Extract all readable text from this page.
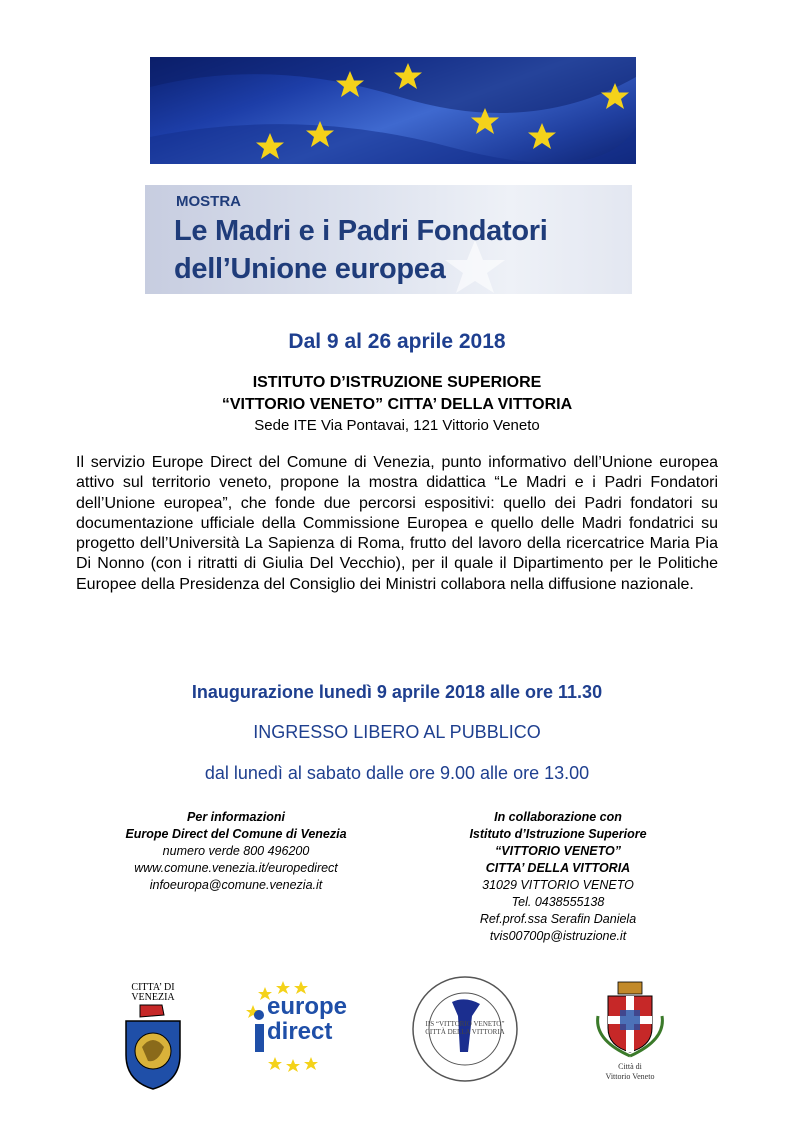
MOSTRA
Le Madri e i Padri Fondatori
dell’Unione europea
Dal 9 al 26 aprile 2018
ISTITUTO D’ISTRUZIONE SUPERIORE
“VITTORIO VENETO” CITTA’ DELLA VITTORIA
Sede ITE Via Pontavai, 121 Vittorio Veneto
Il servizio Europe Direct del Comune di Venezia, punto informativo dell’Unione europea attivo sul territorio veneto, propone la mostra didattica “Le Madri e i Padri Fondatori dell’Unione europea”, che fonde due percorsi espositivi: quello dei Padri fondatori su documentazione ufficiale della Commissione Europea e quello delle Madri fondatrici su progetto dell’Università La Sapienza di Roma, frutto del lavoro della ricercatrice Maria Pia Di Nonno (con i ritratti di Giulia Del Vecchio), per il quale il Dipartimento per le Politiche Europee della Presidenza del Consiglio dei Ministri collabora nella diffusione nazionale.
Inaugurazione lunedì 9 aprile 2018 alle ore 11.30
INGRESSO LIBERO AL PUBBLICO
dal lunedì al sabato dalle ore 9.00 alle ore 13.00
Per informazioni
Europe Direct del Comune di Venezia
numero verde 800 496200
www.comune.venezia.it/europedirect
infoeuropa@comune.venezia.it
In collaborazione con
Istituto d’Istruzione Superiore
“VITTORIO VENETO”
CITTA’ DELLA VITTORIA
31029 VITTORIO VENETO
Tel. 0438555138
Ref.prof.ssa Serafin Daniela
tvis00700p@istruzione.it
CITTA’ DI VENEZIA	europe
direct	IIS “VITTORIO VENETO” CITTÀ DELLA VITTORIA
Città di
Vittorio Veneto
